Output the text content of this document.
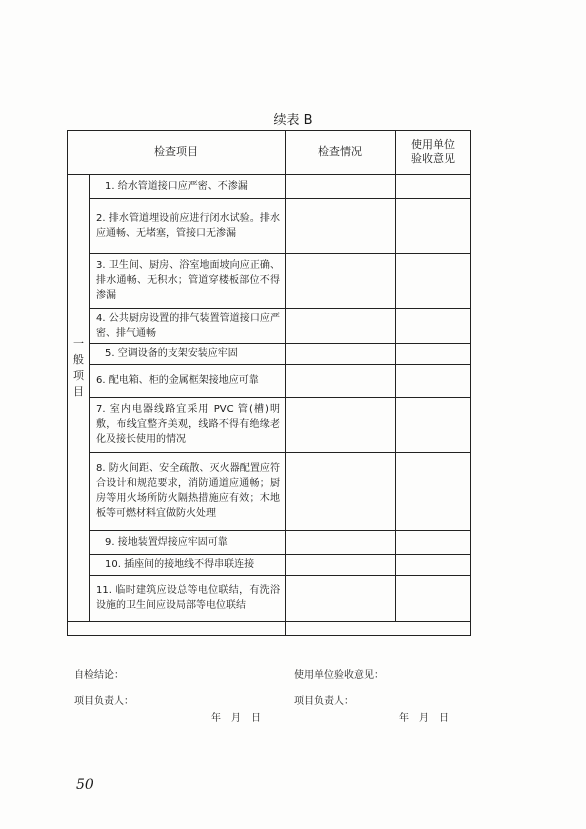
续表 B
检查项目	检查情况
使用单位
验收意见
一
般
项
目
1. 给水管道接口应严密、不渗漏
2. 排水管道埋设前应进行闭水试验。排水应通畅、无堵塞，管接口无渗漏
3. 卫生间、厨房、浴室地面坡向应正确、排水通畅、无积水；管道穿楼板部位不得渗漏
4. 公共厨房设置的排气装置管道接口应严密、排气通畅
5. 空调设备的支架安装应牢固
6. 配电箱、柜的金属框架接地应可靠
7. 室内电器线路宜采用 PVC 管(槽)明敷，布线宜整齐美观，线路不得有绝缘老化及接长使用的情况
8. 防火间距、安全疏散、灭火器配置应符合设计和规范要求，消防通道应通畅；厨房等用火场所防火隔热措施应有效；木地板等可燃材料宜做防火处理
9. 接地装置焊接应牢固可靠
10. 插座间的接地线不得串联连接
11. 临时建筑应设总等电位联结，有洗浴设施的卫生间应设局部等电位联结
自检结论：
项目负责人：
年　月　日
使用单位验收意见：
项目负责人：
年　月　日
50
